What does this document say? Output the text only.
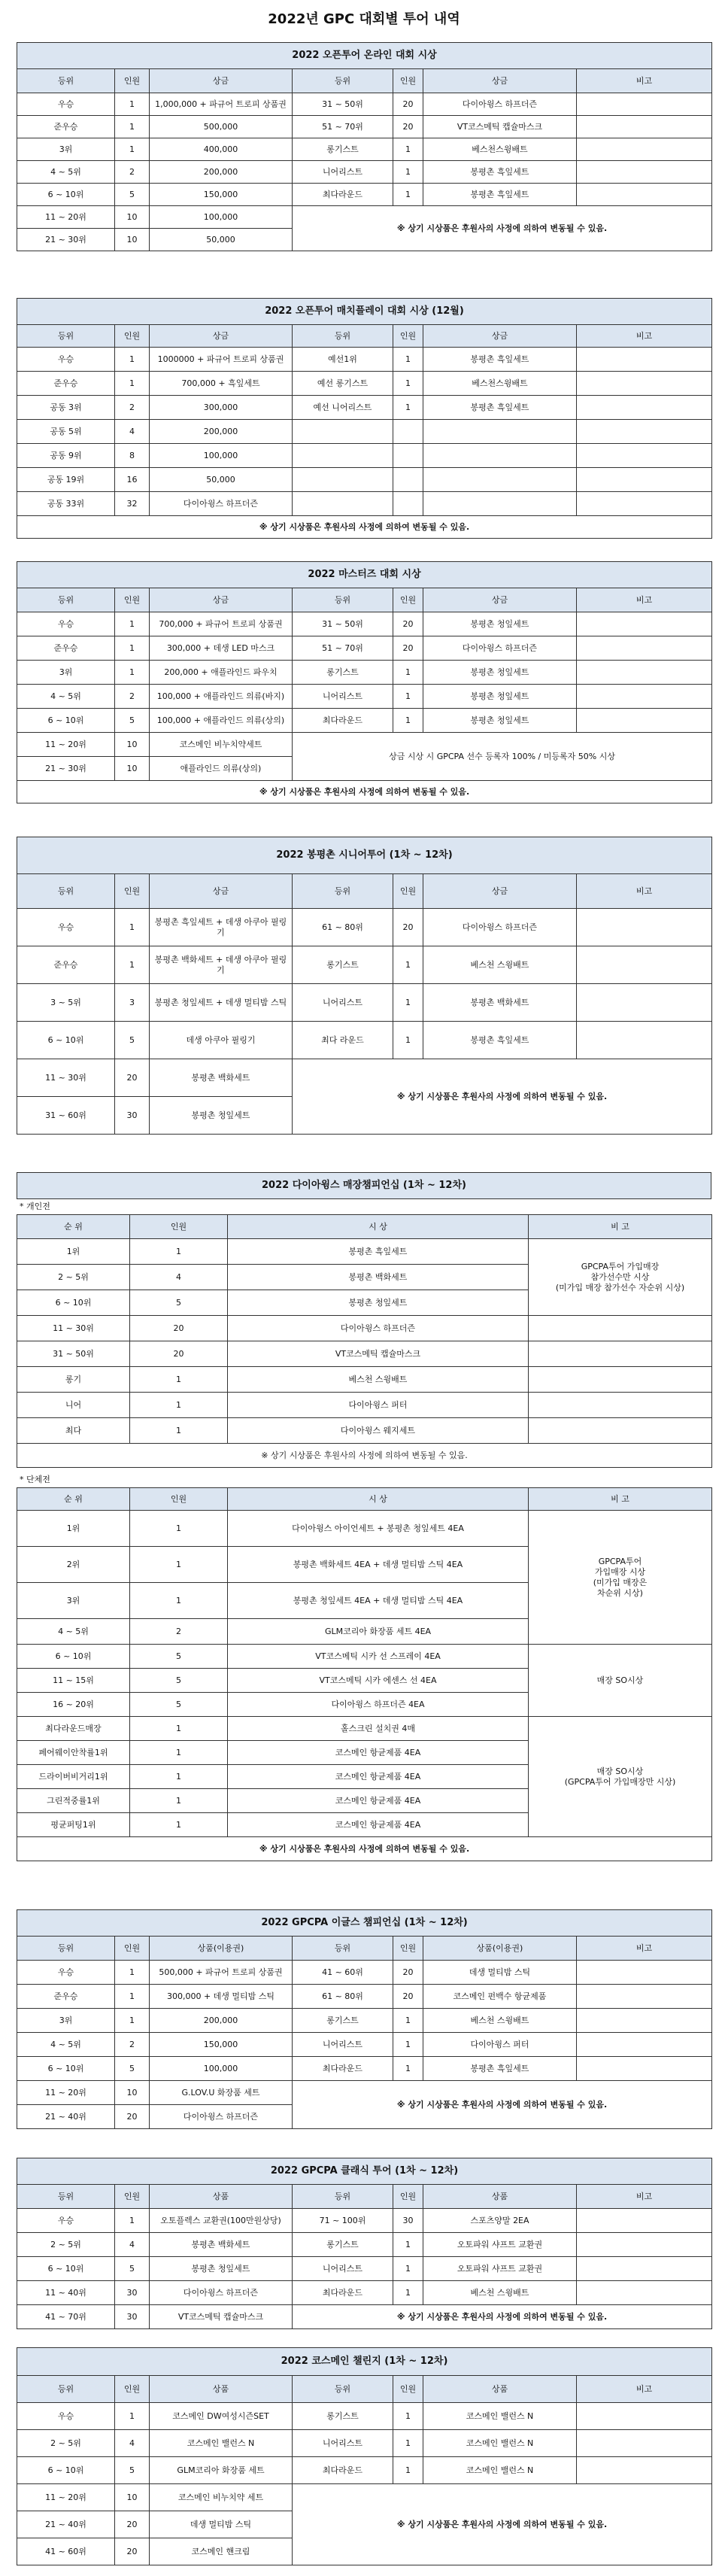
2022년 GPC 대회별 투어 내역
2022 오픈투어 온라인 대회 시상						
등위	인원	상금	등위	인원	상금	비고
우승	1	1,000,000 + 파규어 트로피 상품권	31 ~ 50위	20	다이아윙스 하프더즌	
준우승	1	500,000	51 ~ 70위	20	VT코스메틱 캡슐마스크	
3위	1	400,000	롱기스트	1	베스천스윙배트	
4 ~ 5위	2	200,000	니어리스트	1	봉평촌 흑잎세트	
6 ~ 10위	5	150,000	최다라운드	1	봉평촌 흑잎세트	
11 ~ 20위	10	100,000	※ 상기 시상품은 후원사의 사정에 의하여 변동될 수 있음.			
21 ~ 30위	10	50,000				
2022 오픈투어 매치플레이 대회 시상 (12월)						
등위	인원	상금	등위	인원	상금	비고
우승	1	1000000 + 파규어 트로피 상품권	예선1위	1	봉평촌 흑잎세트	
준우승	1	700,000 + 흑잎세트	예선 롱기스트	1	베스천스윙배트	
공동 3위	2	300,000	예선 니어리스트	1	봉평촌 흑잎세트	
공동 5위	4	200,000				
공동 9위	8	100,000				
공동 19위	16	50,000				
공동 33위	32	다이아윙스 하프더즌				
※ 상기 시상품은 후원사의 사정에 의하여 변동될 수 있음.						
2022 마스터즈 대회 시상						
등위	인원	상금	등위	인원	상금	비고
우승	1	700,000 + 파규어 트로피 상품권	31 ~ 50위	20	봉평촌 청잎세트	
준우승	1	300,000 + 데생 LED 마스크	51 ~ 70위	20	다이아윙스 하프더즌	
3위	1	200,000 + 애플라인드 파우치	롱기스트	1	봉평촌 청잎세트	
4 ~ 5위	2	100,000 + 애플라인드 의류(바지)	니어리스트	1	봉평촌 청잎세트	
6 ~ 10위	5	100,000 + 애플라인드 의류(상의)	최다라운드	1	봉평촌 청잎세트	
11 ~ 20위	10	코스메인 비누치약세트	상금 시상 시 GPCPA 선수 등록자 100% / 미등록자 50% 시상			
21 ~ 30위	10	애플라인드 의류(상의)				
※ 상기 시상품은 후원사의 사정에 의하여 변동될 수 있음.						
2022 봉평촌 시니어투어 (1차 ~ 12차)						
등위	인원	상금	등위	인원	상금	비고
우승	1	봉평촌 흑잎세트 + 데생 아쿠아 필링기	61 ~ 80위	20	다이아윙스 하프더즌	
준우승	1	봉평촌 백화세트 + 데생 아쿠아 필링기	롱기스트	1	베스천 스윙배트	
3 ~ 5위	3	봉평촌 청잎세트 + 데생 멀티밤 스틱	니어리스트	1	봉평촌 백화세트	
6 ~ 10위	5	데생 아쿠아 필링기	최다 라운드	1	봉평촌 흑잎세트	
11 ~ 30위	20	봉평촌 백화세트	※ 상기 시상품은 후원사의 사정에 의하여 변동될 수 있음.			
31 ~ 60위	30	봉평촌 청잎세트				
2022 다이아윙스 매장챔피언십 (1차 ~ 12차)
* 개인전
순 위	인원	시 상	비 고
1위	1	봉평촌 흑잎세트	GPCPA투어 가입매장
참가선수만 시상
(미가입 매장 참가선수 자순위 시상)

2 ~ 5위	4	봉평촌 백화세트	
6 ~ 10위	5	봉평촌 청잎세트	
11 ~ 30위	20	다이아윙스 하프더즌	
31 ~ 50위	20	VT코스메틱 캡슐마스크	
롱기	1	베스천 스윙배트	
니어	1	다이아윙스 퍼터	
최다	1	다이아윙스 웨지세트	
※ 상기 시상품은 후원사의 사정에 의하여 변동될 수 있음.			
* 단체전
순 위	인원	시 상	비 고
1위	1	다이아윙스 아이언세트 + 봉평촌 청잎세트 4EA	GPCPA투어
가입매장 시상
(미가입 매장은
차순위 시상)

2위	1	봉평촌 백화세트 4EA + 데생 멀티밤 스틱 4EA	
3위	1	봉평촌 청잎세트 4EA + 데생 멀티밤 스틱 4EA	
4 ~ 5위	2	GLM코리아 화장품 세트 4EA	
6 ~ 10위	5	VT코스메틱 시카 선 스프레이 4EA	매장 SO시상
11 ~ 15위	5	VT코스메틱 시카 에센스 선 4EA	
16 ~ 20위	5	다이아윙스 하프더즌 4EA	
최다라운드매장	1	홀스크린 설치권 4매	매장 SO시상
(GPCPA투어 가입매장만 시상)

페어웨이안착률1위	1	코스메인 항균제품 4EA	
드라이버비거리1위	1	코스메인 항균제품 4EA	
그린적중률1위	1	코스메인 항균제품 4EA	
평균퍼팅1위	1	코스메인 항균제품 4EA	
※ 상기 시상품은 후원사의 사정에 의하여 변동될 수 있음.			
2022 GPCPA 이글스 챔피언십 (1차 ~ 12차)						
등위	인원	상품(이용권)	등위	인원	상품(이용권)	비고
우승	1	500,000 + 파규어 트로피 상품권	41 ~ 60위	20	데생 멀티밤 스틱	
준우승	1	300,000 + 데생 멀티밤 스틱	61 ~ 80위	20	코스메인 펀백수 항균제품	
3위	1	200,000	롱기스트	1	베스천 스윙배트	
4 ~ 5위	2	150,000	니어리스트	1	다이아윙스 퍼터	
6 ~ 10위	5	100,000	최다라운드	1	봉평촌 흑잎세트	
11 ~ 20위	10	G.LOV.U 화장품 세트	※ 상기 시상품은 후원사의 사정에 의하여 변동될 수 있음.			
21 ~ 40위	20	다이아윙스 하프더즌				
2022 GPCPA 클래식 투어 (1차 ~ 12차)						
등위	인원	상품	등위	인원	상품	비고
우승	1	오토플렉스 교환권(100만원상당)	71 ~ 100위	30	스포츠양말 2EA	
2 ~ 5위	4	봉평촌 백화세트	롱기스트	1	오토파워 샤프트 교환권	
6 ~ 10위	5	봉평촌 청잎세트	니어리스트	1	오토파워 샤프트 교환권	
11 ~ 40위	30	다이아윙스 하프더즌	최다라운드	1	베스천 스윙배트	
41 ~ 70위	30	VT코스메틱 캡슐마스크	※ 상기 시상품은 후원사의 사정에 의하여 변동될 수 있음.			
2022 코스메인 챌린지 (1차 ~ 12차)						
등위	인원	상품	등위	인원	상품	비고
우승	1	코스메인 DW여성시즌SET	롱기스트	1	코스메인 밸런스 N	
2 ~ 5위	4	코스메인 밸런스 N	니어리스트	1	코스메인 밸런스 N	
6 ~ 10위	5	GLM코리아 화장품 세트	최다라운드	1	코스메인 밸런스 N	
11 ~ 20위	10	코스메인 비누치약 세트	※ 상기 시상품은 후원사의 사정에 의하여 변동될 수 있음.			
21 ~ 40위	20	데생 멀티밤 스틱				
41 ~ 60위	20	코스메인 핸크림				
